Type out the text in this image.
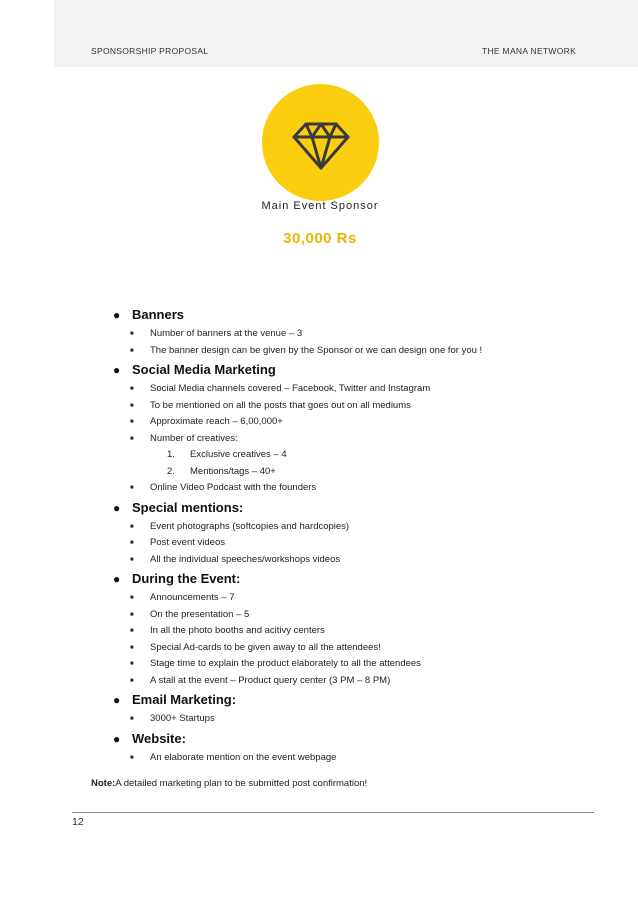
SPONSORSHIP PROPOSAL	THE MANA NETWORK
Main Event Sponsor
30,000 Rs
● Banners
■ Number of banners at the venue – 3
■ The banner design can be given by the Sponsor or we can design one for you !
● Social Media Marketing
■ Social Media channels covered – Facebook, Twitter and Instagram
■ To be mentioned on all the posts that goes out on all mediums
■ Approximate reach – 6,00,000+
■ Number of creatives:
1. Exclusive creatives – 4
2. Mentions/tags – 40+
■ Online Video Podcast with the founders
● Special mentions:
■ Event photographs (softcopies and hardcopies)
■ Post event videos
■ All the individual speeches/workshops videos
● During the Event:
■ Announcements – 7
■ On the presentation – 5
■ In all the photo booths and acitivy centers
■ Special Ad-cards to be given away to all the attendees!
■ Stage time to explain the product elaborately to all the attendees
■ A stall at the event – Product query center (3 PM – 8 PM)
● Email Marketing:
■ 3000+ Startups
● Website:
■ An elaborate mention on the event webpage
Note:A detailed marketing plan to be submitted post confirmation!
12
